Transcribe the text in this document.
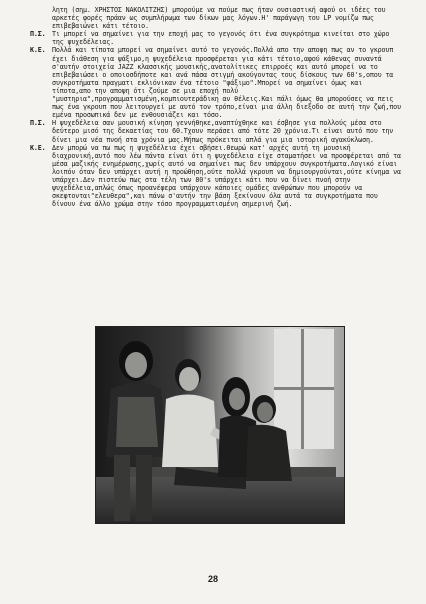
λητη (σημ. ΧΡΗΣΤΟΣ ΝΑΚΟΛΙΤΖΗΣ) μπορούμε να πούμε πως ήταν ουσιαστική αφού οι ιδέες του αρκετές φορές πράαν ως συμπλήρωμα των δίκων μας λόγων.Η' παράγωγη του LP νομίζω πως επιβεβαιώνει κάτι τέτοιο.

Π.Σ. Τι μπορεί να σημαίνει για την εποχή μας το γεγονός ότι ένα συγκρότημα κινείται στο χώρο της ψυχεδέλειας.

Κ.Ε. Πολλά και τίποτα μπορεί να σημαίνει αυτό το γεγονός.Πολλά απο την αποψη πως αν το γκρουπ έχει διάθεση για ψάξιμο,η ψυχεδέλεια προσφέρεται για κάτι τέτοιο,αφού κάθενας συναντά σ'αυτήν στοιχεία JAZZ κλασσικής μουσικής,ανατολίτικες επιρροές και αυτό μπορεί να το επιβεβαιώσει ο οποιοσδήποτε και ανά πάσα στιγμή ακούγοντας τους δίσκους των 60's,οπου τα συγκροτήματα πραγματι εκλιόνικαν ένα τέτοιο "ψάξιμο".Μπορεί να σημαίνει όμως και τίποτα,απο την αποψη ότι ζούμε σε μια εποχή πολύ "μυστηρια",προγραμματισμένη,κομπιουτεράδικη αν θέλεις.Και πάλι όμως θα μπορούσες να πεις πως ένα γκρουπ που λειτουργεί με αυτό τον τρόπο,είναι μια άλλη διεξοδο σε αυτή την ζωή,που εμένα προσωπικά δεν με ενθουσιάζει και τόσο.

Π.Σ. Η ψυχεδέλεια σαν μουσική κίνηση γεννήθηκε,αναπτύχθηκε και έσβησε για πολλούς μέσα στο δεύτερο μισό της δεκαετίας του 60.Τχουν περάσει από τότε 20 χρόνια.Τι είναι αυτό που την δίνει μια νέα πνοή στα χρόνια μας.Μήπως πρόκειται απλά για μια ιστορική αγακύκλωση.

Κ.Ε. Δεν μπορώ να πω πως η ψυχεδέλεια έχει σβήσει.Θεωρώ κατ' αρχές αυτή τη μουσική διαχρονική,αυτό που λέω πάντα είναι ότι η ψυχεδέλεια είχε σταματήσει να προσφέρεται από τα μέσα μαζικής ενημέρωσης,χωρίς αυτό να σημαίνει πως δεν υπάρχουν συγκροτήματα.Λογικό είναι λοιπόν όταν δεν υπάρχει αυτή η προώθηση,ούτε πολλά γκρουπ να δημιουργούνται,ούτε κίνημα να υπάρχει.Δεν πιστεύω πως στα τέλη των 80's υπάρχει κάτι που να δίνει πνοή στην ψυχεδέλεια,απλώς όπως προανέφερα υπάρχουν κάποιες ομάδες ανθρώπων που μπορούν να σκεφτονται"ελευθερα",και πάνω σ'αυτήν την βάση ξεκίνουν όλα αυτά τα συγκροτήματα που δίνουν ένα άλλο χρώμα στην τόσο προγραμματισμένη σημερινή ζωή.

28
